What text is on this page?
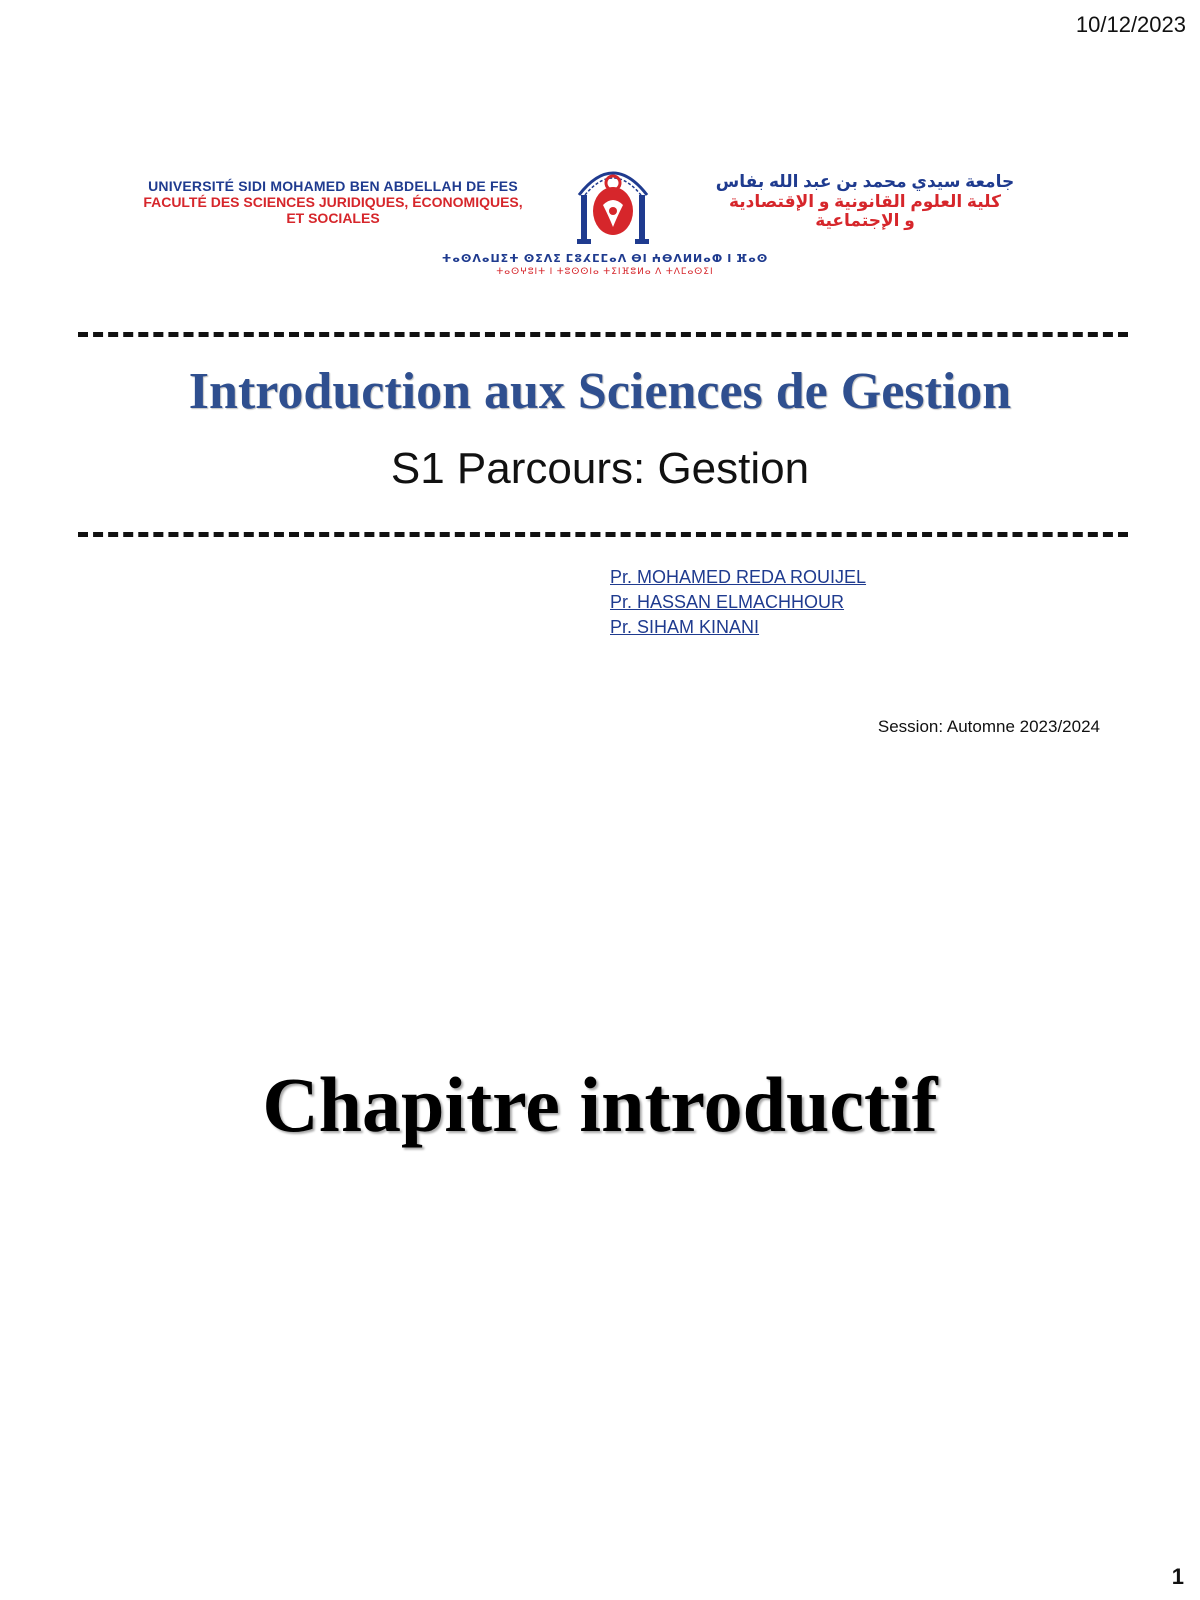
10/12/2023
UNIVERSITÉ SIDI MOHAMED BEN ABDELLAH DE FES
FACULTÉ DES SCIENCES JURIDIQUES, ÉCONOMIQUES,
ET SOCIALES
جامعة سيدي محمد بن عبد الله بفاس
كلية العلوم القانونية و الإقتصادية
و الإجتماعية
ⵜⴰⵙⴷⴰⵡⵉⵜ ⵙⵉⴷⵉ ⵎⵓⵃⵎⵎⴰⴷ ⴱⵏ ⵄⴱⴷⵍⵍⴰⵀ ⵏ ⴼⴰⵙ
ⵜⴰⵙⵖⵓⵏⵜ ⵏ ⵜⵓⵙⵙⵏⴰ ⵜⵉⵏⴼⵓⵍⴰ ⴷ ⵜⴷⵎⴰⵙⵉⵏ
Introduction aux Sciences de Gestion
S1 Parcours: Gestion
Pr. MOHAMED REDA ROUIJEL
Pr. HASSAN ELMACHHOUR
Pr. SIHAM KINANI
Session: Automne 2023/2024
Chapitre introductif
1
